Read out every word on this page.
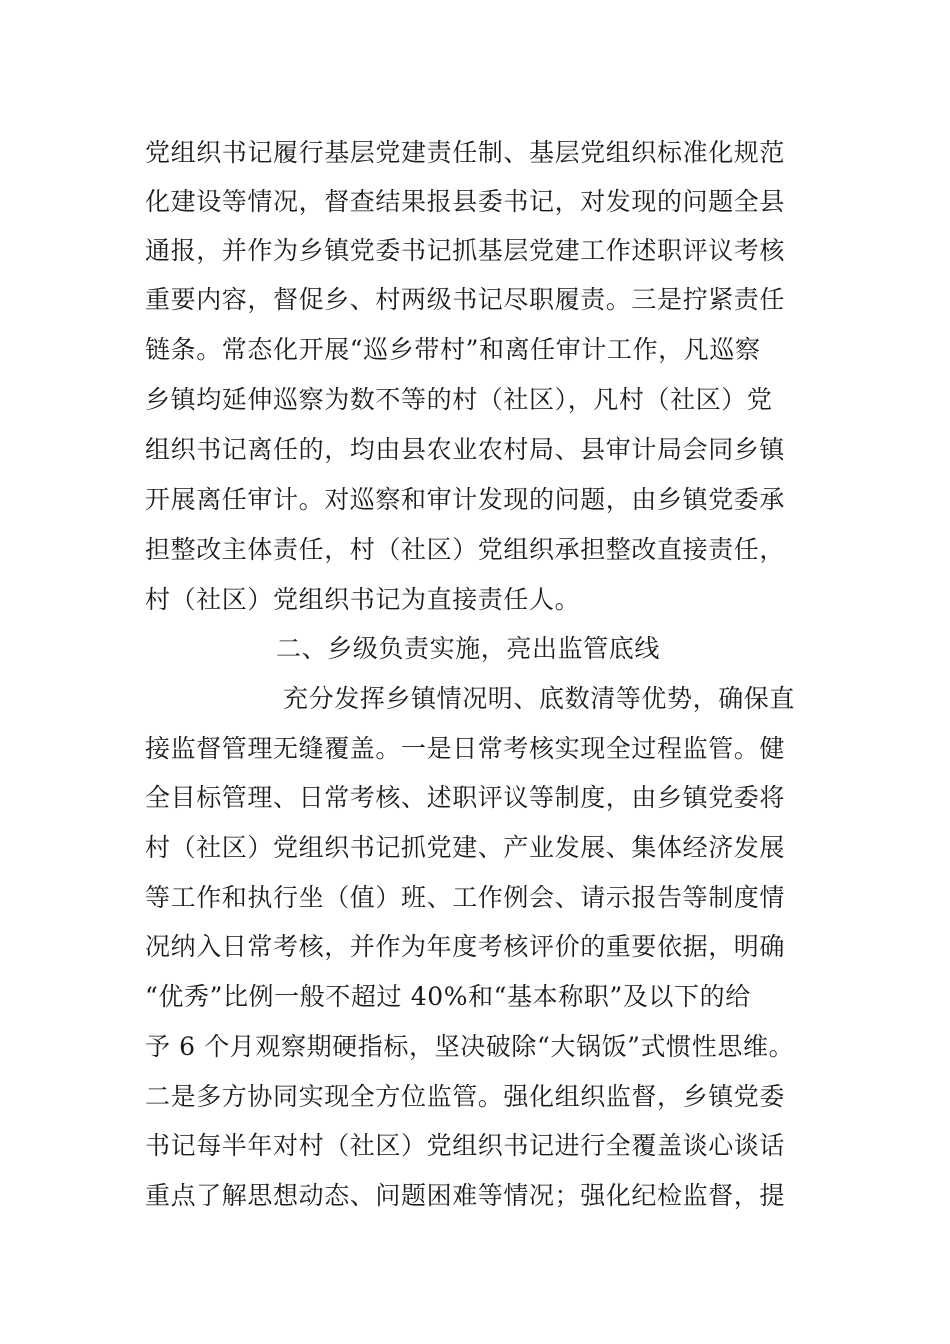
党组织书记履行基层党建责任制、基层党组织标准化规范
化建设等情况，督查结果报县委书记，对发现的问题全县
通报，并作为乡镇党委书记抓基层党建工作述职评议考核
重要内容，督促乡、村两级书记尽职履责。三是拧紧责任
链条。常态化开展“巡乡带村”和离任审计工作，凡巡察
乡镇均延伸巡察为数不等的村（社区），凡村（社区）党
组织书记离任的，均由县农业农村局、县审计局会同乡镇
开展离任审计。对巡察和审计发现的问题，由乡镇党委承
担整改主体责任，村（社区）党组织承担整改直接责任，
村（社区）党组织书记为直接责任人。
二、乡级负责实施，亮出监管底线
充分发挥乡镇情况明、底数清等优势，确保直
接监督管理无缝覆盖。一是日常考核实现全过程监管。健
全目标管理、日常考核、述职评议等制度，由乡镇党委将
村（社区）党组织书记抓党建、产业发展、集体经济发展
等工作和执行坐（值）班、工作例会、请示报告等制度情
况纳入日常考核，并作为年度考核评价的重要依据，明确
“优秀”比例一般不超过 40%和“基本称职”及以下的给
予 6 个月观察期硬指标，坚决破除“大锅饭”式惯性思维。
二是多方协同实现全方位监管。强化组织监督，乡镇党委
书记每半年对村（社区）党组织书记进行全覆盖谈心谈话
重点了解思想动态、问题困难等情况；强化纪检监督，提
